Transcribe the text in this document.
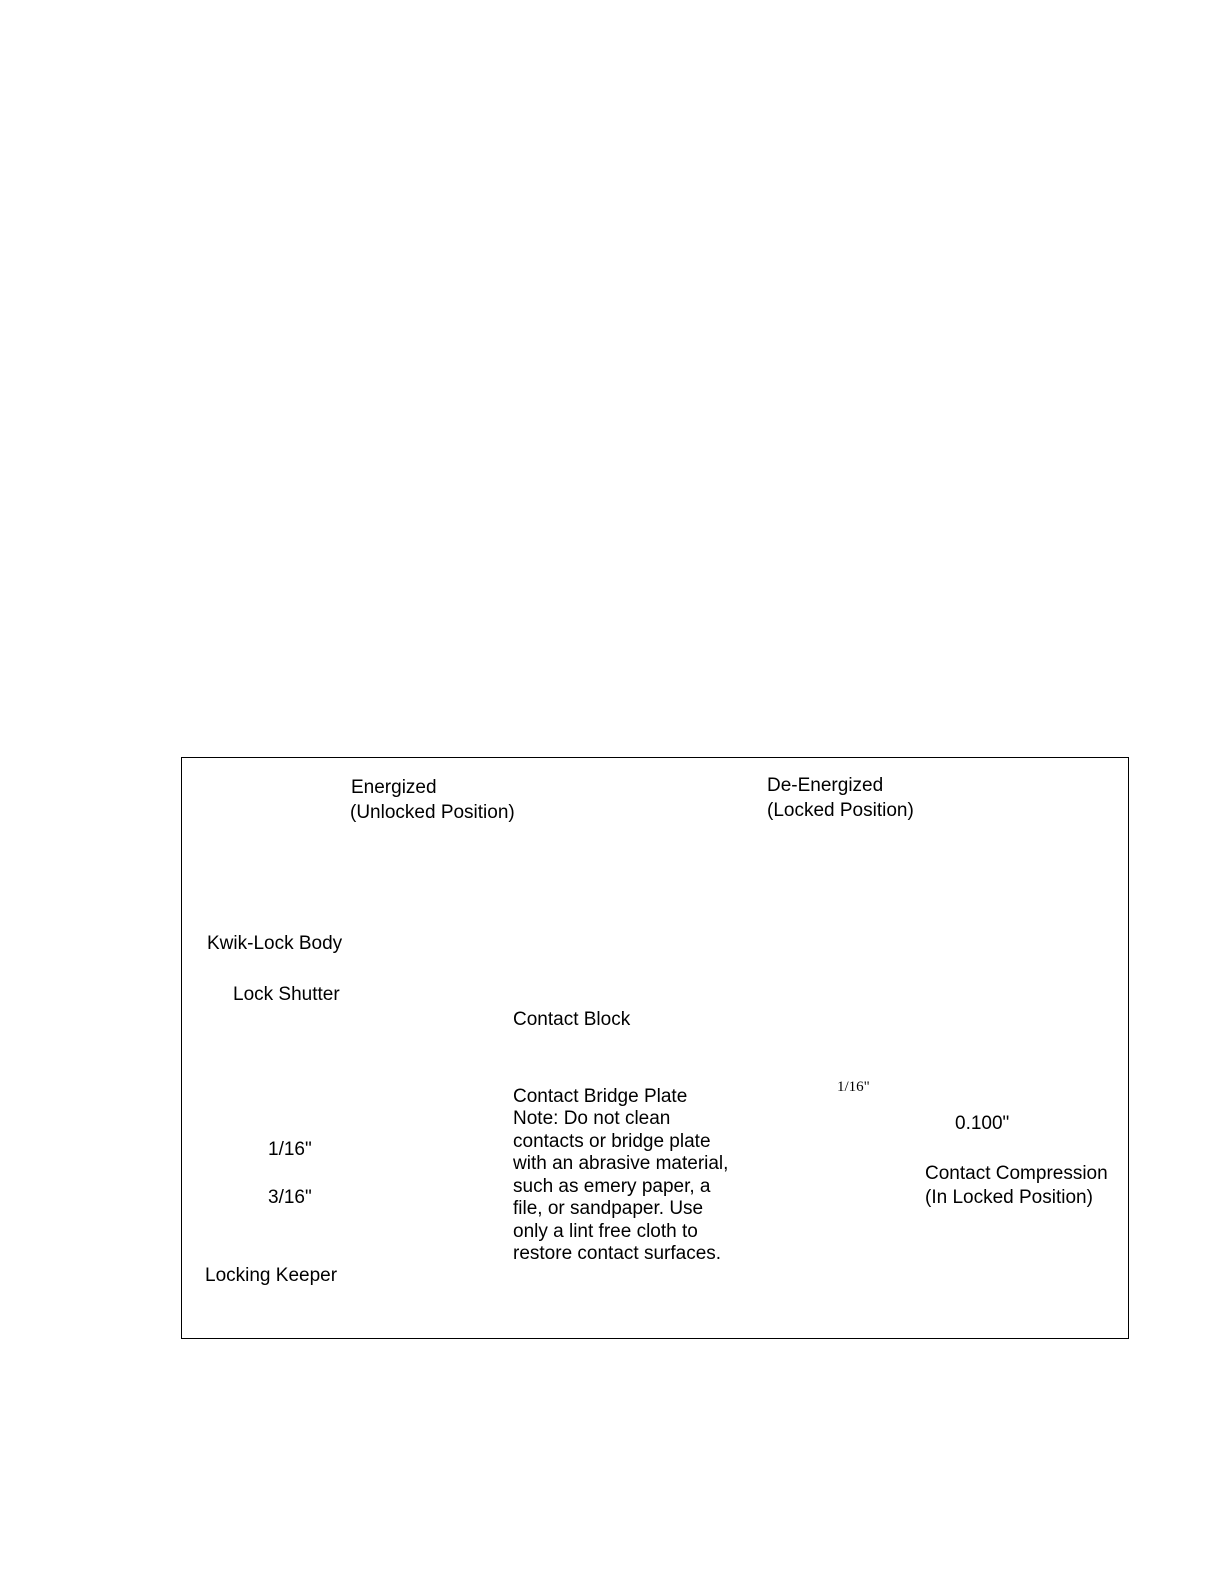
Energized

(Unlocked Position)

Kwik-Lock Body

Lock Shutter

Contact Block

Contact Bridge Plate

Note: Do not clean contacts or bridge plate with an abrasive material, such as emery paper, a file, or sandpaper. Use only a lint free cloth to restore contact surfaces.

1/16"

3/16"

Locking Keeper

De-Energized

(Locked Position)

1/16"

0.100"

Contact Compression

(In Locked Position)
